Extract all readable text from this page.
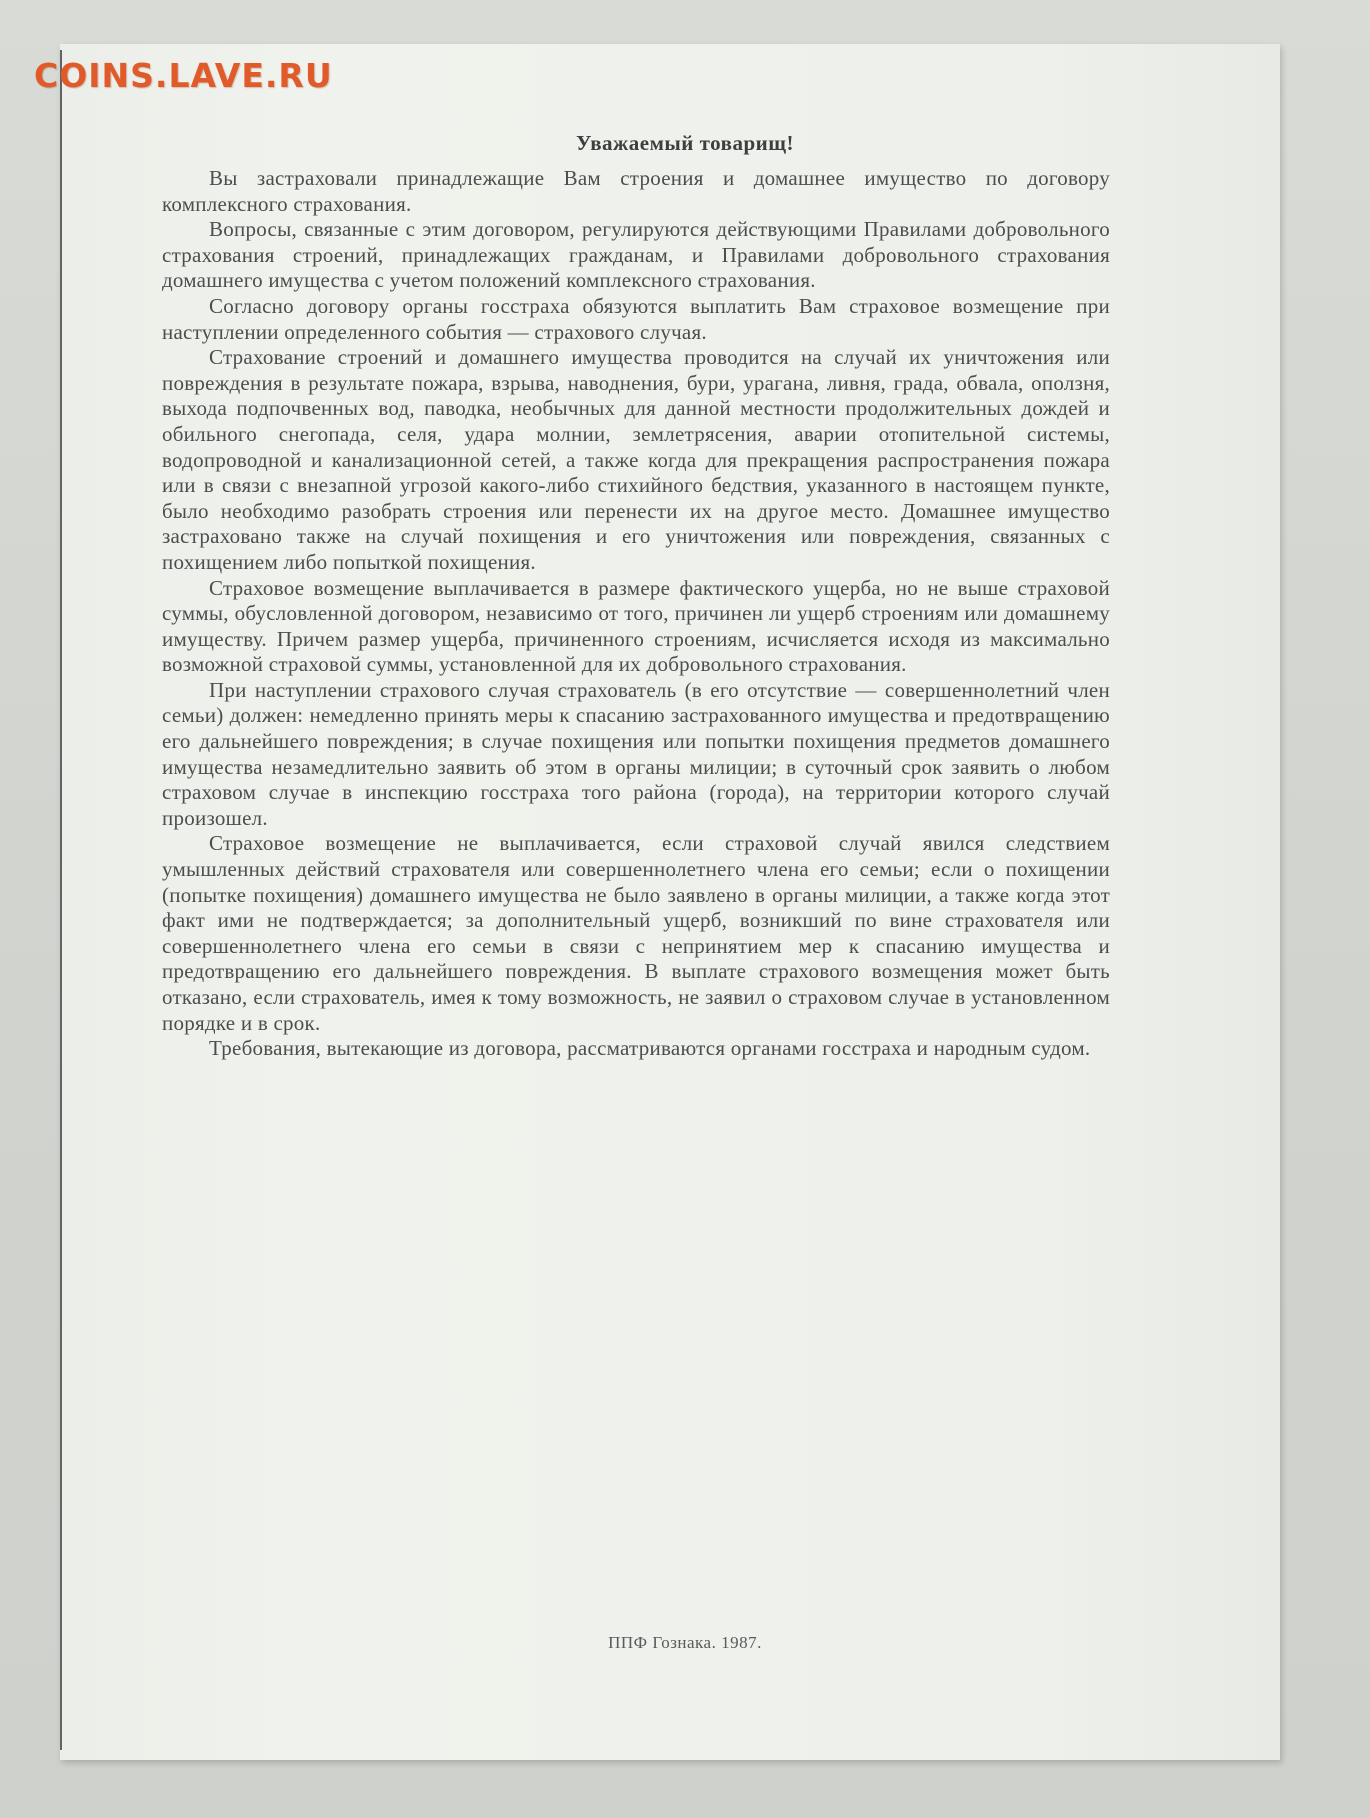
COINS.LAVE.RU
Уважаемый товарищ!

Вы застраховали принадлежащие Вам строения и домашнее имущество по договору комплексного страхования.

Вопросы, связанные с этим договором, регулируются действующими Правилами добровольного страхования строений, принадлежащих гражданам, и Правилами добровольного страхования домашнего имущества с учетом положений комплексного страхования.

Согласно договору органы госстраха обязуются выплатить Вам страховое возмещение при наступлении определенного события — страхового случая.

Страхование строений и домашнего имущества проводится на случай их уничтожения или повреждения в результате пожара, взрыва, наводнения, бури, урагана, ливня, града, обвала, оползня, выхода подпочвенных вод, паводка, необычных для данной местности продолжительных дождей и обильного снегопада, селя, удара молнии, землетрясения, аварии отопительной системы, водопроводной и канализационной сетей, а также когда для прекращения распространения пожара или в связи с внезапной угрозой какого-либо стихийного бедствия, указанного в настоящем пункте, было необходимо разобрать строения или перенести их на другое место. Домашнее имущество застраховано также на случай похищения и его уничтожения или повреждения, связанных с похищением либо попыткой похищения.

Страховое возмещение выплачивается в размере фактического ущерба, но не выше страховой суммы, обусловленной договором, независимо от того, причинен ли ущерб строениям или домашнему имуществу. Причем размер ущерба, причиненного строениям, исчисляется исходя из максимально возможной страховой суммы, установленной для их добровольного страхования.

При наступлении страхового случая страхователь (в его отсутствие — совершеннолетний член семьи) должен: немедленно принять меры к спасанию застрахованного имущества и предотвращению его дальнейшего повреждения; в случае похищения или попытки похищения предметов домашнего имущества незамедлительно заявить об этом в органы милиции; в суточный срок заявить о любом страховом случае в инспекцию госстраха того района (города), на территории которого случай произошел.

Страховое возмещение не выплачивается, если страховой случай явился следствием умышленных действий страхователя или совершеннолетнего члена его семьи; если о похищении (попытке похищения) домашнего имущества не было заявлено в органы милиции, а также когда этот факт ими не подтверждается; за дополнительный ущерб, возникший по вине страхователя или совершеннолетнего члена его семьи в связи с непринятием мер к спасанию имущества и предотвращению его дальнейшего повреждения. В выплате страхового возмещения может быть отказано, если страхователь, имея к тому возможность, не заявил о страховом случае в установленном порядке и в срок.

Требования, вытекающие из договора, рассматриваются органами госстраха и народным судом.

ППФ Гознака. 1987.
